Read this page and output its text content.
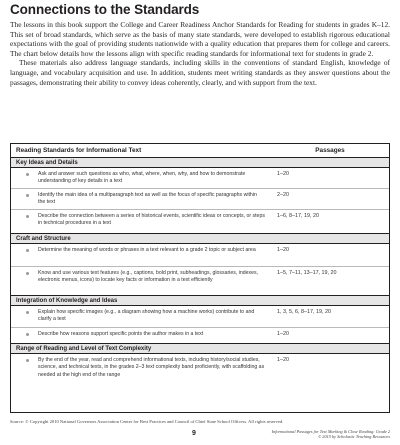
Connections to the Standards

The lessons in this book support the College and Career Readiness Anchor Standards for Reading for students in grades K–12. This set of broad standards, which serve as the basis of many state standards, were developed to establish rigorous educational expectations with the goal of providing students nationwide with a quality education that prepares them for college and careers. The chart below details how the lessons align with specific reading standards for informational text for students in grade 2.

These materials also address language standards, including skills in the conventions of standard English, knowledge of language, and vocabulary acquisition and use. In addition, students meet writing standards as they answer questions about the passages, demonstrating their ability to convey ideas coherently, clearly, and with support from the text.

Reading Standards for Informational Text	Passages
Key Ideas and Details
Ask and answer such questions as who, what, where, when, why, and how to demonstrate understanding of key details in a text
1–20
Identify the main idea of a multiparagraph text as well as the focus of specific paragraphs within the text
2–20
Describe the connection between a series of historical events, scientific ideas or concepts, or steps in technical procedures in a text
1–6, 8–17, 19, 20
Craft and Structure
Determine the meaning of words or phrases in a text relevant to a grade 2 topic or subject area	1–20
Know and use various text features (e.g., captions, bold print, subheadings, glossaries, indexes, electronic menus, icons) to locate key facts or information in a text efficiently
1–5, 7–11, 13–17, 19, 20
Integration of Knowledge and Ideas
Explain how specific images (e.g., a diagram showing how a machine works) contribute to and clarify a text
1, 3, 5, 6, 8–17, 19, 20
Describe how reasons support specific points the author makes in a text	1–20
Range of Reading and Level of Text Complexity
By the end of the year, read and comprehend informational texts, including history/social studies, science, and technical texts, in the grades 2–3 text complexity band proficiently, with scaffolding as needed at the high end of the range
1–20

Source: © Copyright 2010 National Governors Association Center for Best Practices and Council of Chief State School Officers. All rights reserved.

9	Informational Passages for Text Marking & Close Reading: Grade 2
© 2015 by Scholastic Teaching Resources
